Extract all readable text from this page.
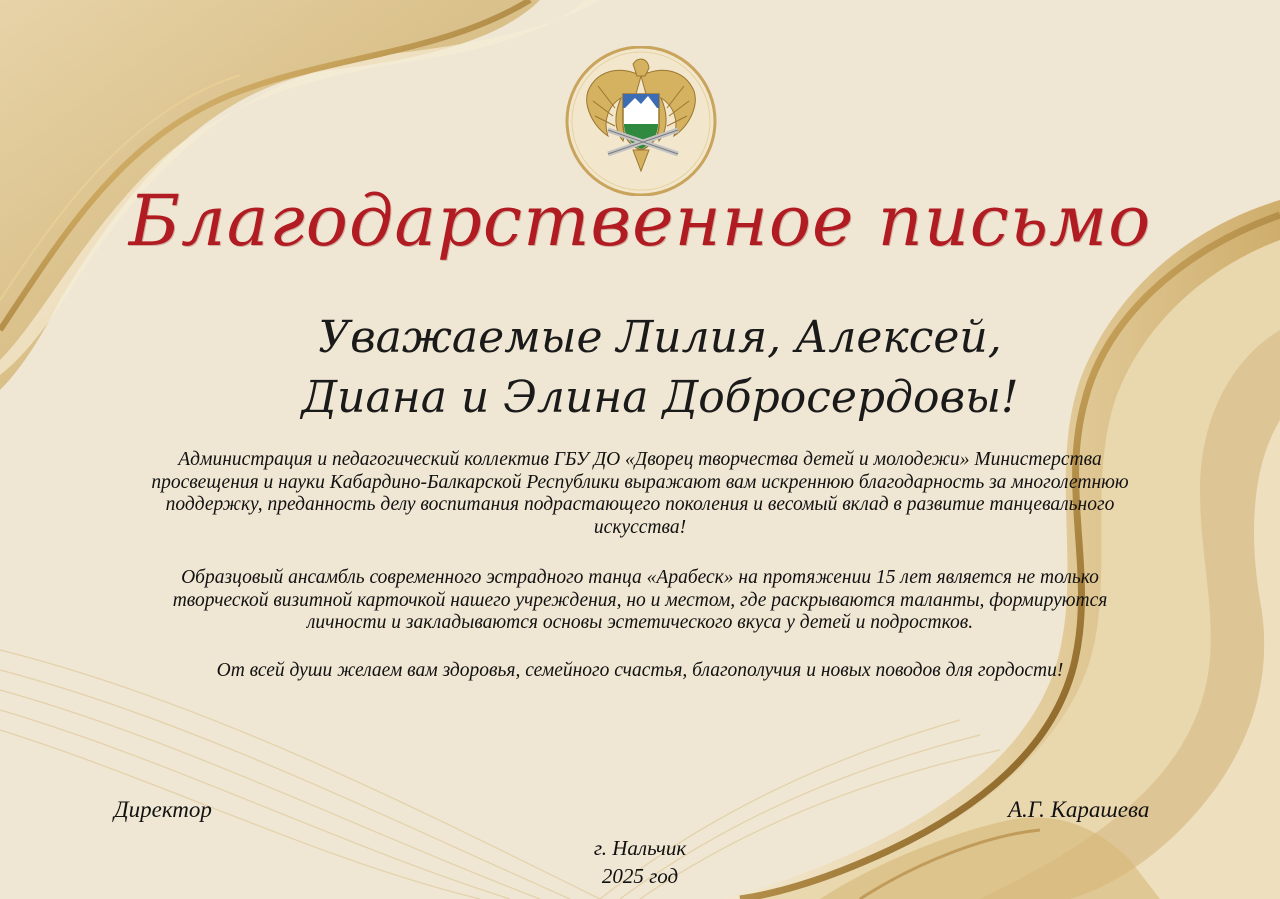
Благодарственное письмо
Уважаемые Лилия, Алексей,
Диана и Элина Добросердовы!
Администрация и педагогический коллектив ГБУ ДО «Дворец творчества детей и молодежи» Министерства просвещения и науки Кабардино-Балкарской Республики выражают вам искреннюю благодарность за многолетнюю поддержку, преданность делу воспитания подрастающего поколения и весомый вклад в развитие танцевального искусства!
Образцовый ансамбль современного эстрадного танца «Арабеск» на протяжении 15 лет является не только творческой визитной карточкой нашего учреждения, но и местом, где раскрываются таланты, формируются личности и закладываются основы эстетического вкуса у детей и подростков.
От всей души желаем вам здоровья, семейного счастья, благополучия и новых поводов для гордости!
Директор	А.Г. Карашева
г. Нальчик
2025 год
